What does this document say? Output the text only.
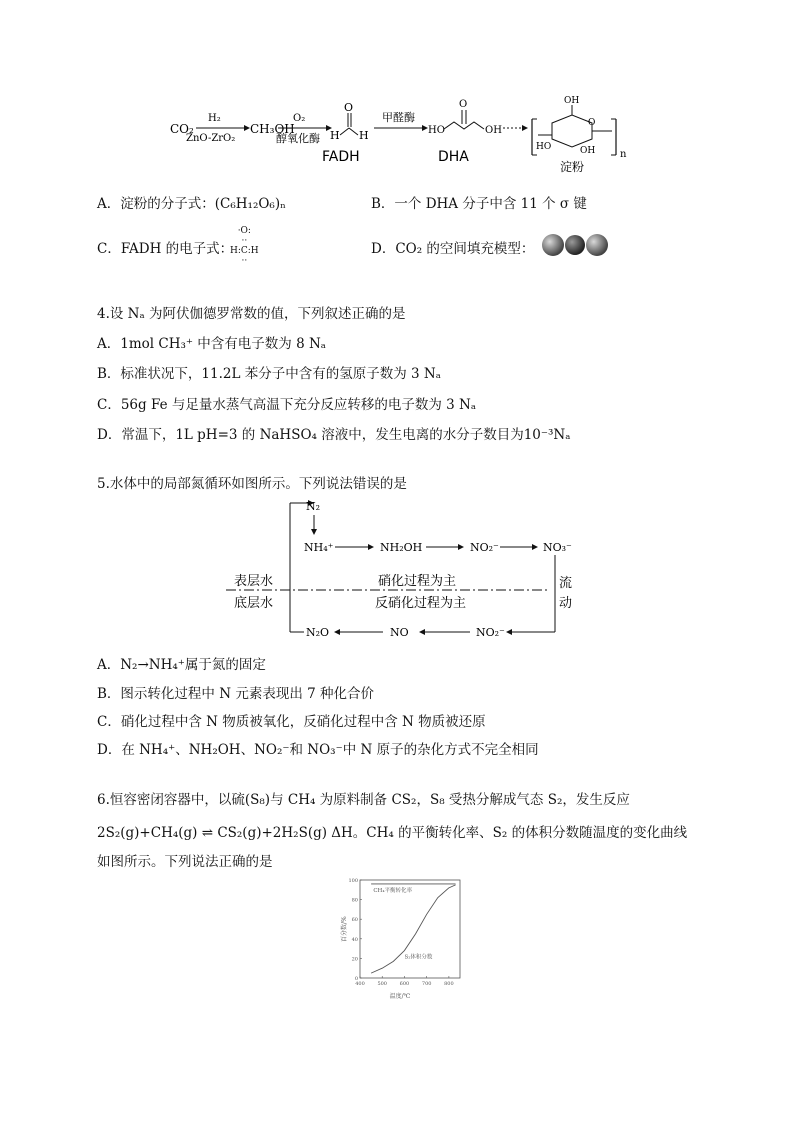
CO₂
H₂
ZnO-ZrO₂
CH₃OH
O₂
醇氧化酶 H
O
H
FADH
甲醛酶
HO
O
OH
DHA
OH
O
HO	OH n
淀粉
A．淀粉的分子式：(C₆H₁₂O₆)ₙ	B．一个 DHA 分子中含 11 个 σ 键
C．FADH 的电子式：
·O:
··
H:C:H
··
D．CO₂ 的空间填充模型：
4.设 Nₐ 为阿伏伽德罗常数的值，下列叙述正确的是
A．1mol CH₃⁺ 中含有电子数为 8 Nₐ
B．标准状况下，11.2L 苯分子中含有的氢原子数为 3 Nₐ
C．56g Fe 与足量水蒸气高温下充分反应转移的电子数为 3 Nₐ
D．常温下，1L pH=3 的 NaHSO₄ 溶液中，发生电离的水分子数目为10⁻³Nₐ
5.水体中的局部氮循环如图所示。下列说法错误的是
N₂
NH₄⁺	NH₂OH	NO₂⁻	NO₃⁻
表层水
底层水
硝化过程为主
反硝化过程为主
流
动
NO₂⁻
NO
N₂O
A．N₂→NH₄⁺属于氮的固定
B．图示转化过程中 N 元素表现出 7 种化合价
C．硝化过程中含 N 物质被氧化，反硝化过程中含 N 物质被还原
D．在 NH₄⁺、NH₂OH、NO₂⁻和 NO₃⁻中 N 原子的杂化方式不完全相同
6.恒容密闭容器中，以硫(S₈)与 CH₄ 为原料制备 CS₂，S₈ 受热分解成气态 S₂，发生反应
2S₂(g)+CH₄(g) ⇌ CS₂(g)+2H₂S(g) ΔH。CH₄ 的平衡转化率、S₂ 的体积分数随温度的变化曲线
如图所示。下列说法正确的是
百分数/%
温度/℃
400	500	600	700	800
0
20
40
60
80
100
CH₄平衡转化率
S₂体积分数
